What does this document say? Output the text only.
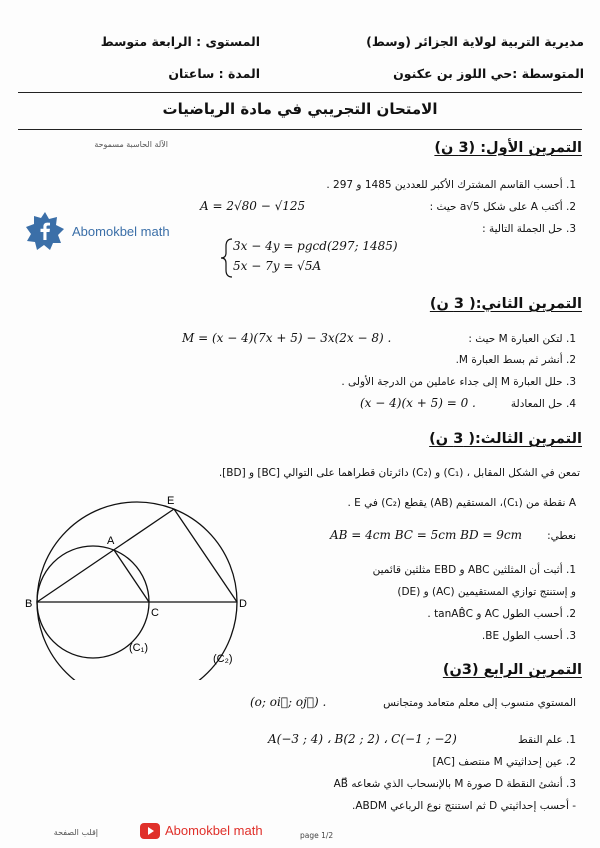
مديرية التربية لولاية الجزائر (وسط)
المستوى : الرابعة متوسط
المتوسطة :حي اللوز بن عكنون
المدة : ساعتان
الامتحان التجريبي في مادة الرياضيات
التمرين الأول: (3 ن)
الآلة الحاسبة مسموحة
1. أحسب القاسم المشترك الأكبر للعددين 1485 و 297 .
2. أكتب A على شكل a√5 حيث :
A = 2√80 − √125
3. حل الجملة التالية :
3x − 4y = pgcd(297; 1485)
5x − 7y = √5A
Abomokbel math
التمرين الثاني:( 3 ن)
1. لتكن العبارة M حيث :
M = (x − 4)(7x + 5) − 3x(2x − 8) .
2. أنشر ثم بسط العبارة M.
3. حلل العبارة M إلى جداء عاملين من الدرجة الأولى .
4. حل المعادلة
(x − 4)(x + 5) = 0 .
التمرين الثالث:( 3 ن)
تمعن في الشكل المقابل ، (C₁) و (C₂) دائرتان قطراهما على التوالي [BC] و [BD].
A نقطة من (C₁)، المستقيم (AB) يقطع (C₂) في E .
نعطي:
AB = 4cm BC = 5cm BD = 9cm
1. أثبت أن المثلثين ABC و EBD مثلثين قائمين
و إستنتج توازي المستقيمين (AC) و (DE)
2. أحسب الطول AC و tanAB̂C .
3. أحسب الطول BE.
B
C
D
A
E
(C₁)
(C₂)
التمرين الرابع (3ن)
المستوي منسوب إلى معلم متعامد ومتجانس
(o; oi⃗; oj⃗) .
1. علم النقط
A(−3 ; 4) ، B(2 ; 2) ، C(−1 ; −2)
2. عين إحداثيتي M منتصف [AC]
3. أنشئ النقطة D صورة M بالإنسحاب الذي شعاعه AB⃗
- أحسب إحداثيتي D ثم استنتج نوع الرباعي ABDM.
إقلب الصفحة	Abomokbel math	page 1/2
